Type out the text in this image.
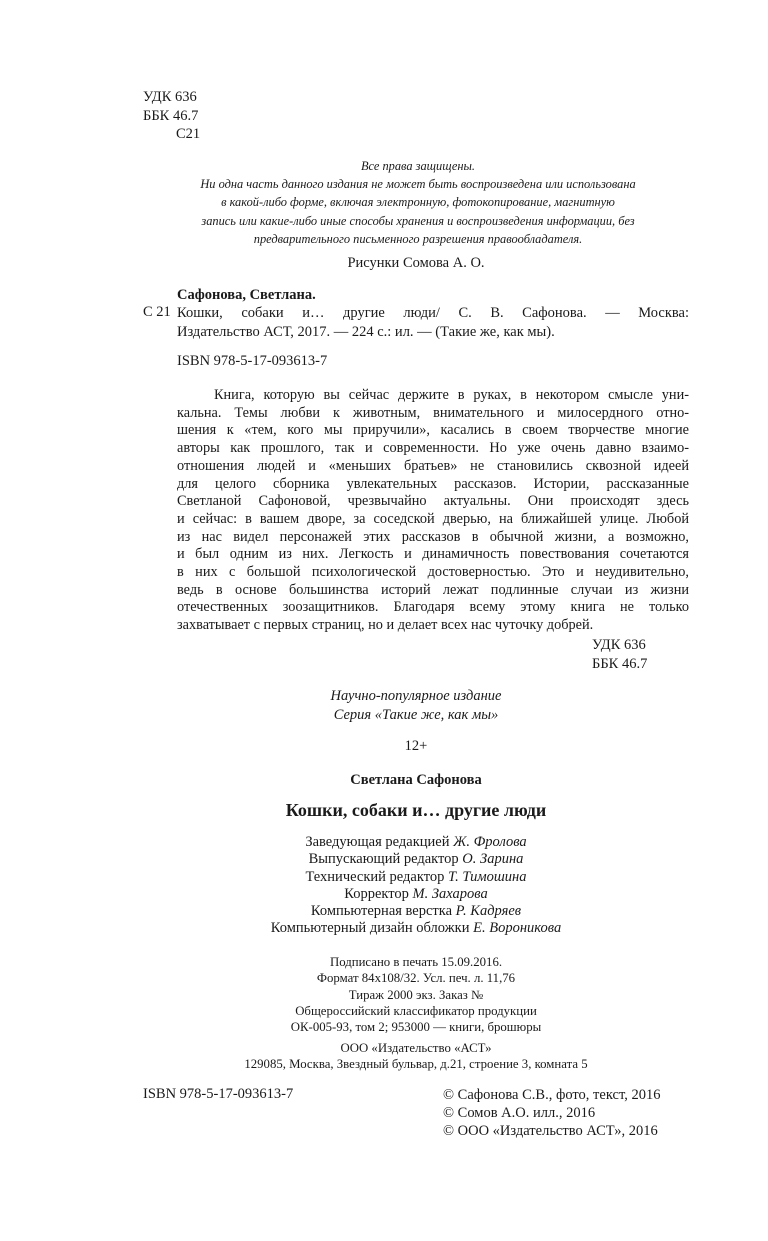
УДК 636
ББК 46.7
С21
Все права защищены.
Ни одна часть данного издания не может быть воспроизведена или использована
в какой-либо форме, включая электронную, фотокопирование, магнитную
запись или какие-либо иные способы хранения и воспроизведения информации, без
предварительного письменного разрешения правообладателя.
Рисунки Сомова А. О.
Сафонова, Светлана.
С 21 Кошки, собаки и… другие люди/ С. В. Сафонова. — Москва:
Издательство АСТ, 2017. — 224 с.: ил. — (Такие же, как мы).
ISBN 978-5-17-093613-7
Книга, которую вы сейчас держите в руках, в некотором смысле уни-
кальна. Темы любви к животным, внимательного и милосердного отно-
шения к «тем, кого мы приручили», касались в своем творчестве многие
авторы как прошлого, так и современности. Но уже очень давно взаимо-
отношения людей и «меньших братьев» не становились сквозной идеей
для целого сборника увлекательных рассказов. Истории, рассказанные
Светланой Сафоновой, чрезвычайно актуальны. Они происходят здесь
и сейчас: в вашем дворе, за соседской дверью, на ближайшей улице. Любой
из нас видел персонажей этих рассказов в обычной жизни, а возможно,
и был одним из них. Легкость и динамичность повествования сочетаются
в них с большой психологической достоверностью. Это и неудивительно,
ведь в основе большинства историй лежат подлинные случаи из жизни
отечественных зоозащитников. Благодаря всему этому книга не только
захватывает с первых страниц, но и делает всех нас чуточку добрей.
УДК 636
ББК 46.7
Научно-популярное издание
Серия «Такие же, как мы»
12+
Светлана Сафонова
Кошки, собаки и… другие люди
Заведующая редакцией Ж. Фролова
Выпускающий редактор О. Зарина
Технический редактор Т. Тимошина
Корректор М. Захарова
Компьютерная верстка Р. Кадряев
Компьютерный дизайн обложки Е. Вороникова
Подписано в печать 15.09.2016.
Формат 84х108/32. Усл. печ. л. 11,76
Тираж 2000 экз. Заказ №
Общероссийский классификатор продукции
ОК-005-93, том 2; 953000 — книги, брошюры
ООО «Издательство «АСТ»
129085, Москва, Звездный бульвар, д.21, строение 3, комната 5
ISBN 978-5-17-093613-7	© Сафонова С.В., фото, текст, 2016
© Сомов А.О. илл., 2016
© ООО «Издательство АСТ», 2016
